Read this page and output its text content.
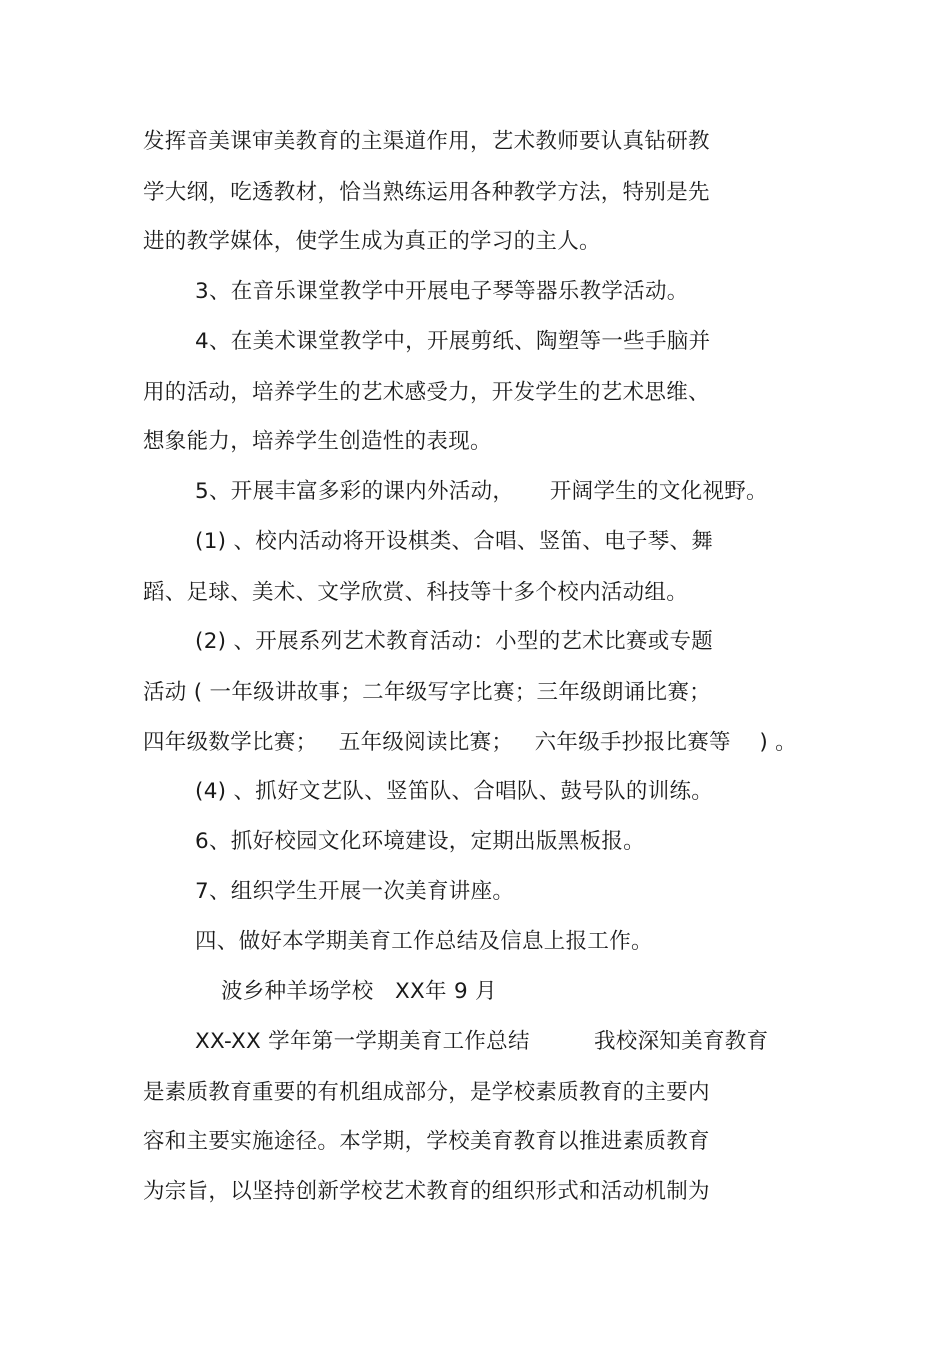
发挥音美课审美教育的主渠道作用，艺术教师要认真钻研教
学大纲，吃透教材，恰当熟练运用各种教学方法，特别是先
进的教学媒体，使学生成为真正的学习的主人。
3、在音乐课堂教学中开展电子琴等器乐教学活动。
4、在美术课堂教学中，开展剪纸、陶塑等一些手脑并
用的活动，培养学生的艺术感受力，开发学生的艺术思维、
想象能力，培养学生创造性的表现。
5、开展丰富多彩的课内外活动，     开阔学生的文化视野。
(1) 、校内活动将开设棋类、合唱、竖笛、电子琴、舞
蹈、足球、美术、文学欣赏、科技等十多个校内活动组。
(2) 、开展系列艺术教育活动：小型的艺术比赛或专题
活动 ( 一年级讲故事；二年级写字比赛；三年级朗诵比赛；
四年级数学比赛；   五年级阅读比赛；   六年级手抄报比赛等    ) 。
(4) 、抓好文艺队、竖笛队、合唱队、鼓号队的训练。
6、抓好校园文化环境建设，定期出版黑板报。
7、组织学生开展一次美育讲座。
四、做好本学期美育工作总结及信息上报工作。
波乡种羊场学校   XX年 9 月
XX-XX 学年第一学期美育工作总结         我校深知美育教育
是素质教育重要的有机组成部分，是学校素质教育的主要内
容和主要实施途径。本学期，学校美育教育以推进素质教育
为宗旨，以坚持创新学校艺术教育的组织形式和活动机制为
